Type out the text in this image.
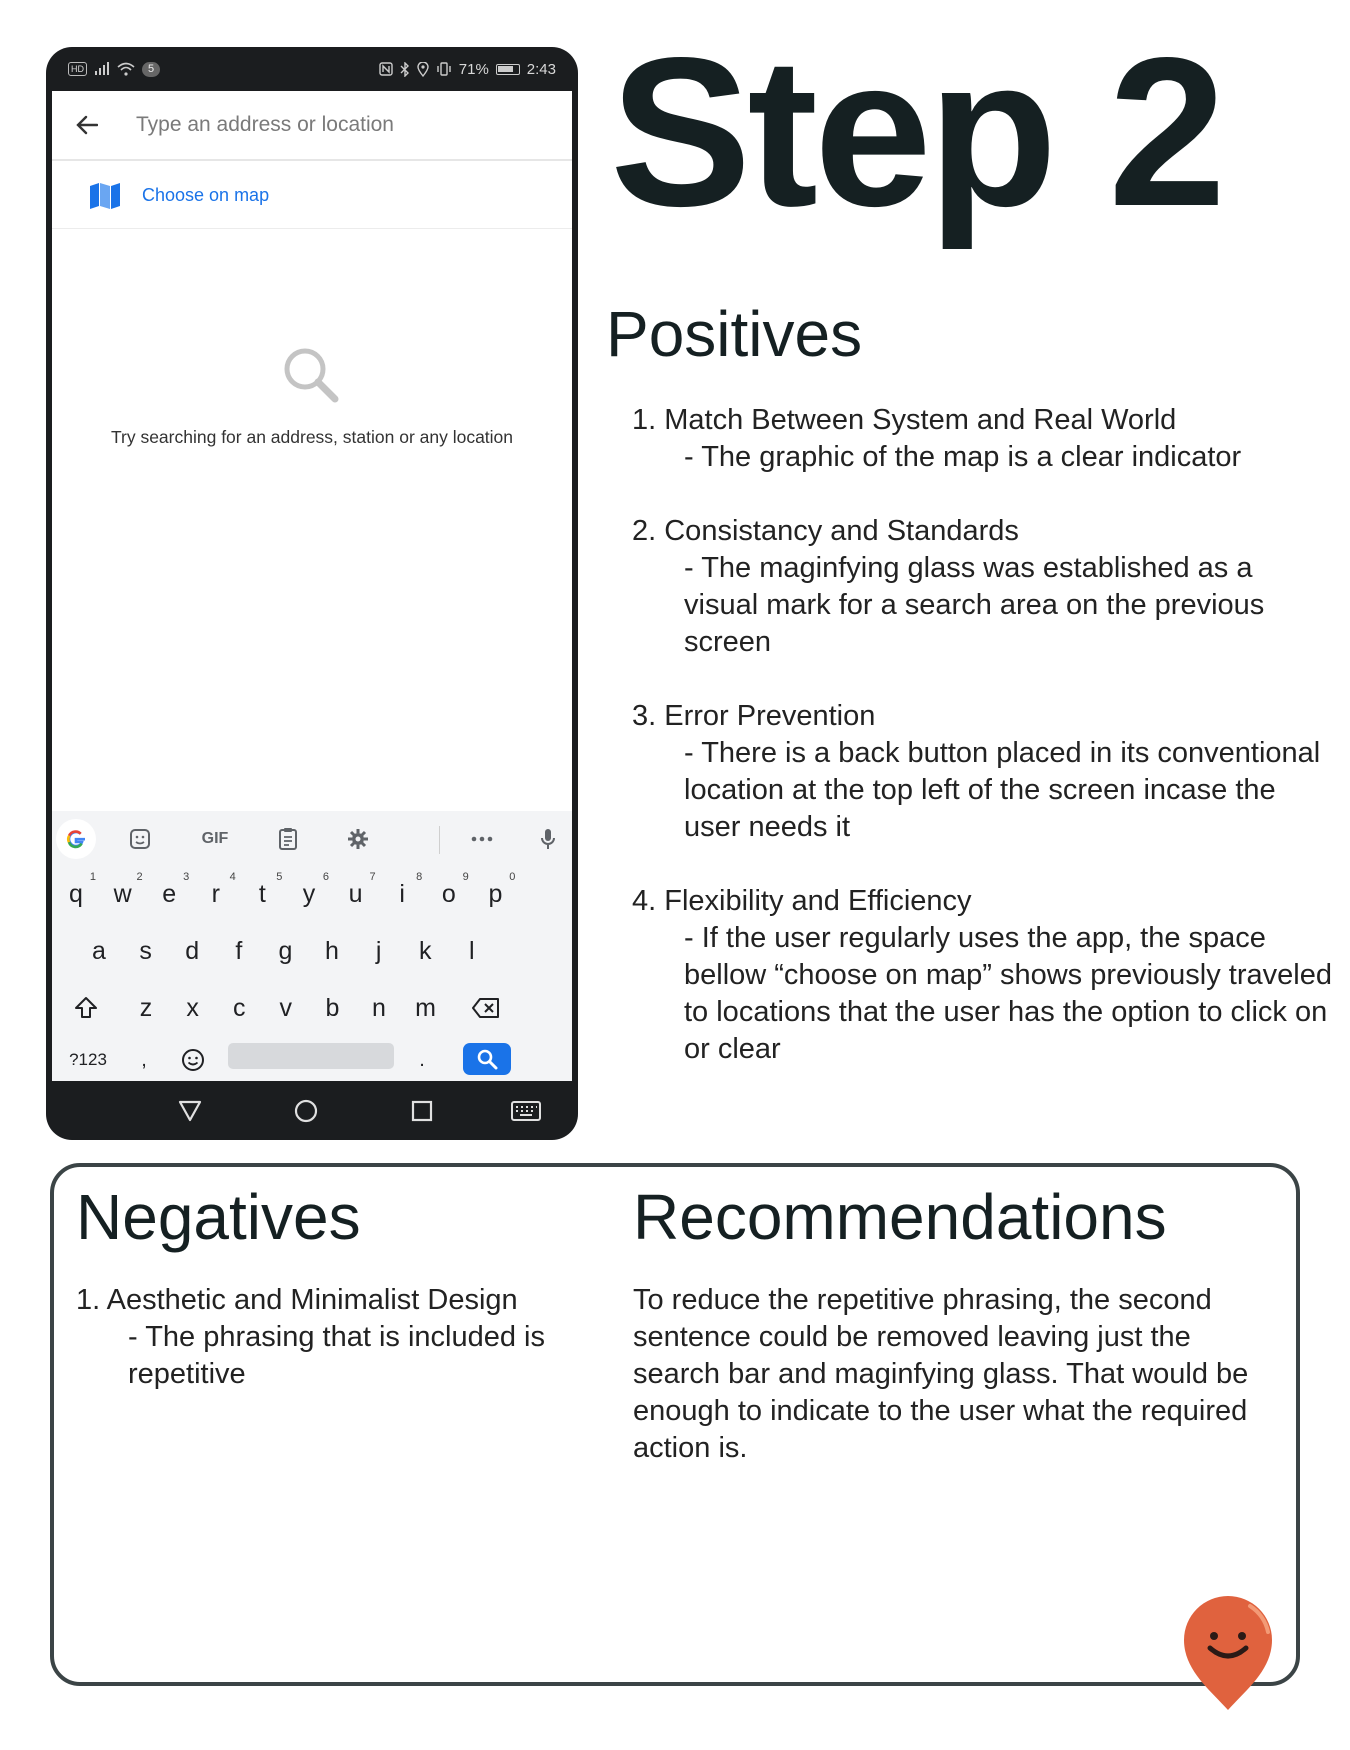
HD	5	71%	2:43
Type an address or location
Choose on map
Try searching for an address, station or any location
GIF
q
$^1$
w
$^2$
e
$^3$
r
$^4$
t
$^5$
y
$^6$
u
$^7$
i
$^8$
o
$^9$
p
$^0$
a	s	d	f	g	h	j	k	l
z	x	c	v	b	n	m
?123	,	.
Step 2
Positives
1. Match Between System and Real World
- The graphic of the map is a clear indicator
2. Consistancy and Standards
- The maginfying glass was established as a visual mark for a search area on the previous screen
3. Error Prevention
- There is a back button placed in its conventional location at the top left of the screen incase the user needs it
4. Flexibility and Efficiency
- If the user regularly uses the app, the space bellow “choose on map” shows previously traveled to locations that the user has the option to click on or clear
Negatives
1. Aesthetic and Minimalist Design
- The phrasing that is included is repetitive
Recommendations
To reduce the repetitive phrasing, the second sentence could be removed leaving just the search bar and maginfying glass. That would be enough to indicate to the user what the required action is.
